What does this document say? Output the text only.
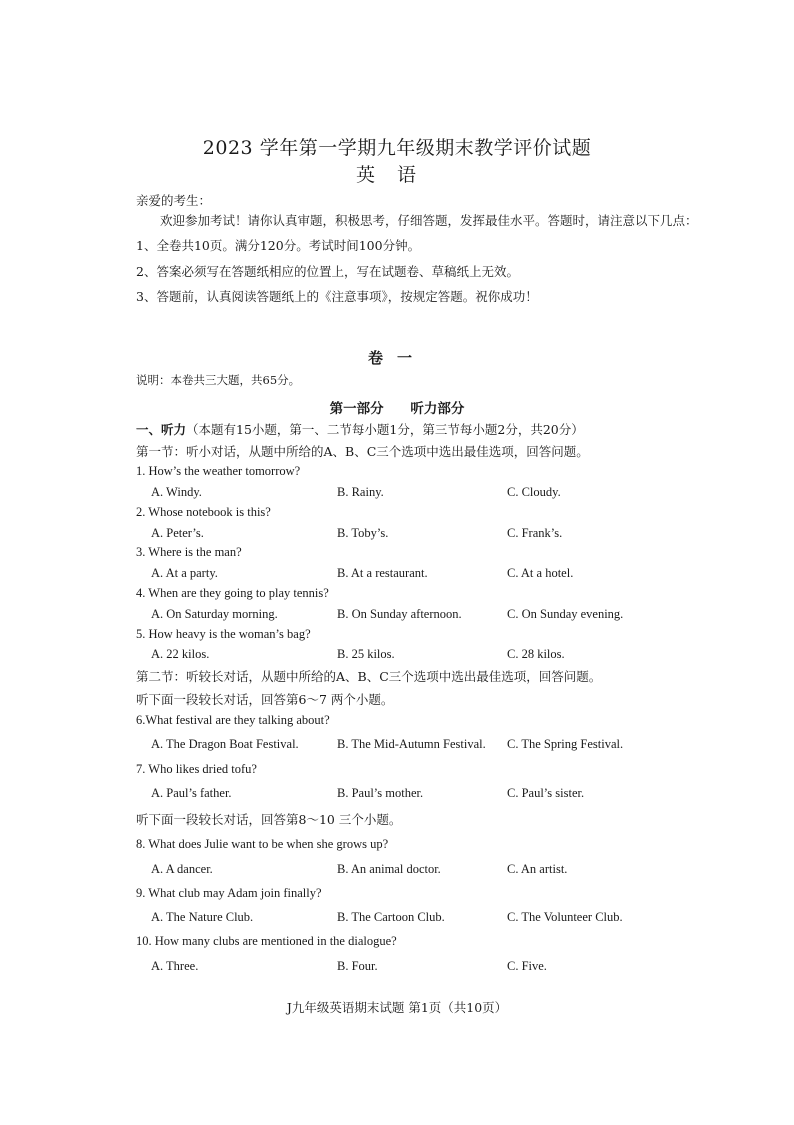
2023 学年第一学期九年级期末教学评价试题
英语
亲爱的考生：
欢迎参加考试！请你认真审题，积极思考，仔细答题，发挥最佳水平。答题时，请注意以下几点：
1、全卷共10页。满分120分。考试时间100分钟。
2、答案必须写在答题纸相应的位置上，写在试题卷、草稿纸上无效。
3、答题前，认真阅读答题纸上的《注意事项》，按规定答题。祝你成功！
卷一
说明：本卷共三大题，共65分。
第一部分 听力部分
一、听力（本题有15小题，第一、二节每小题1分，第三节每小题2分，共20分）
第一节：听小对话，从题中所给的A、B、C三个选项中选出最佳选项，回答问题。
1. How’s the weather tomorrow?
A. Windy.	B. Rainy.	C. Cloudy.
2. Whose notebook is this?
A. Peter’s.	B. Toby’s.	C. Frank’s.
3. Where is the man?
A. At a party.	B. At a restaurant.	C. At a hotel.
4. When are they going to play tennis?
A. On Saturday morning.	B. On Sunday afternoon.	C. On Sunday evening.
5. How heavy is the woman’s bag?
A. 22 kilos.	B. 25 kilos.	C. 28 kilos.
第二节：听较长对话，从题中所给的A、B、C三个选项中选出最佳选项，回答问题。
听下面一段较长对话，回答第6～7 两个小题。
6.What festival are they talking about?
A. The Dragon Boat Festival.	B. The Mid-Autumn Festival. C. The Spring Festival.
7. Who likes dried tofu?
A. Paul’s father.	B. Paul’s mother.	C. Paul’s sister.
听下面一段较长对话，回答第8～10 三个小题。
8. What does Julie want to be when she grows up?
A. A dancer.	B. An animal doctor.	C. An artist.
9. What club may Adam join finally?
A. The Nature Club.	B. The Cartoon Club.	C. The Volunteer Club.
10. How many clubs are mentioned in the dialogue?
A. Three.	B. Four.	C. Five.
J九年级英语期末试题 第1页（共10页）
